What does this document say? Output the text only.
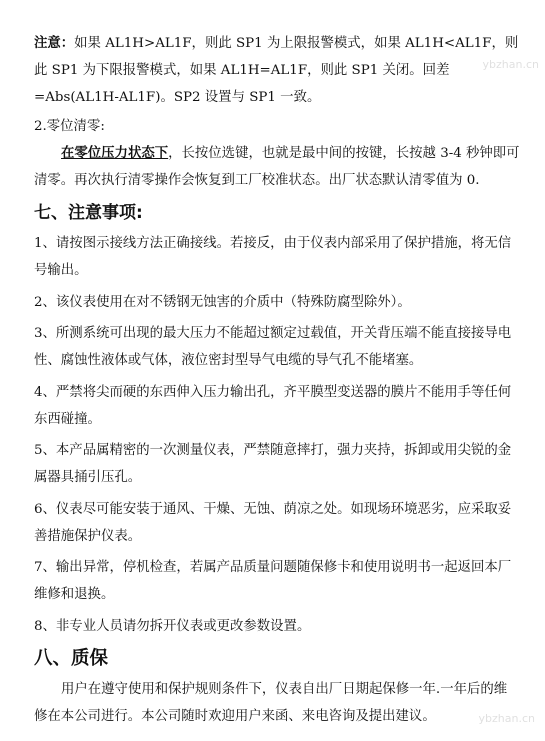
注意：如果 AL1H>AL1F，则此 SP1 为上限报警模式，如果 AL1H<AL1F，则此 SP1 为下限报警模式，如果 AL1H=AL1F，则此 SP1 关闭。回差=Abs(AL1H-AL1F)。SP2 设置与 SP1 一致。

2.零位清零:

在零位压力状态下，长按位选键，也就是最中间的按键，长按越 3-4 秒钟即可清零。再次执行清零操作会恢复到工厂校准状态。出厂状态默认清零值为 0.

七、注意事项:

1、请按图示接线方法正确接线。若接反，由于仪表内部采用了保护措施，将无信号输出。

2、该仪表使用在对不锈钢无蚀害的介质中（特殊防腐型除外）。

3、所测系统可出现的最大压力不能超过额定过载值，开关背压端不能直接接导电性、腐蚀性液体或气体，液位密封型导气电缆的导气孔不能堵塞。

4、严禁将尖而硬的东西伸入压力输出孔，齐平膜型变送器的膜片不能用手等任何东西碰撞。

5、本产品属精密的一次测量仪表，严禁随意摔打，强力夹持，拆卸或用尖锐的金属器具捅引压孔。

6、仪表尽可能安装于通风、干燥、无蚀、荫凉之处。如现场环境恶劣，应采取妥善措施保护仪表。

7、输出异常，停机检查，若属产品质量问题随保修卡和使用说明书一起返回本厂维修和退换。

8、非专业人员请勿拆开仪表或更改参数设置。

八、质保

用户在遵守使用和保护规则条件下，仪表自出厂日期起保修一年.一年后的维修在本公司进行。本公司随时欢迎用户来函、来电咨询及提出建议。

ybzhan.cn
ybzhan.cn
